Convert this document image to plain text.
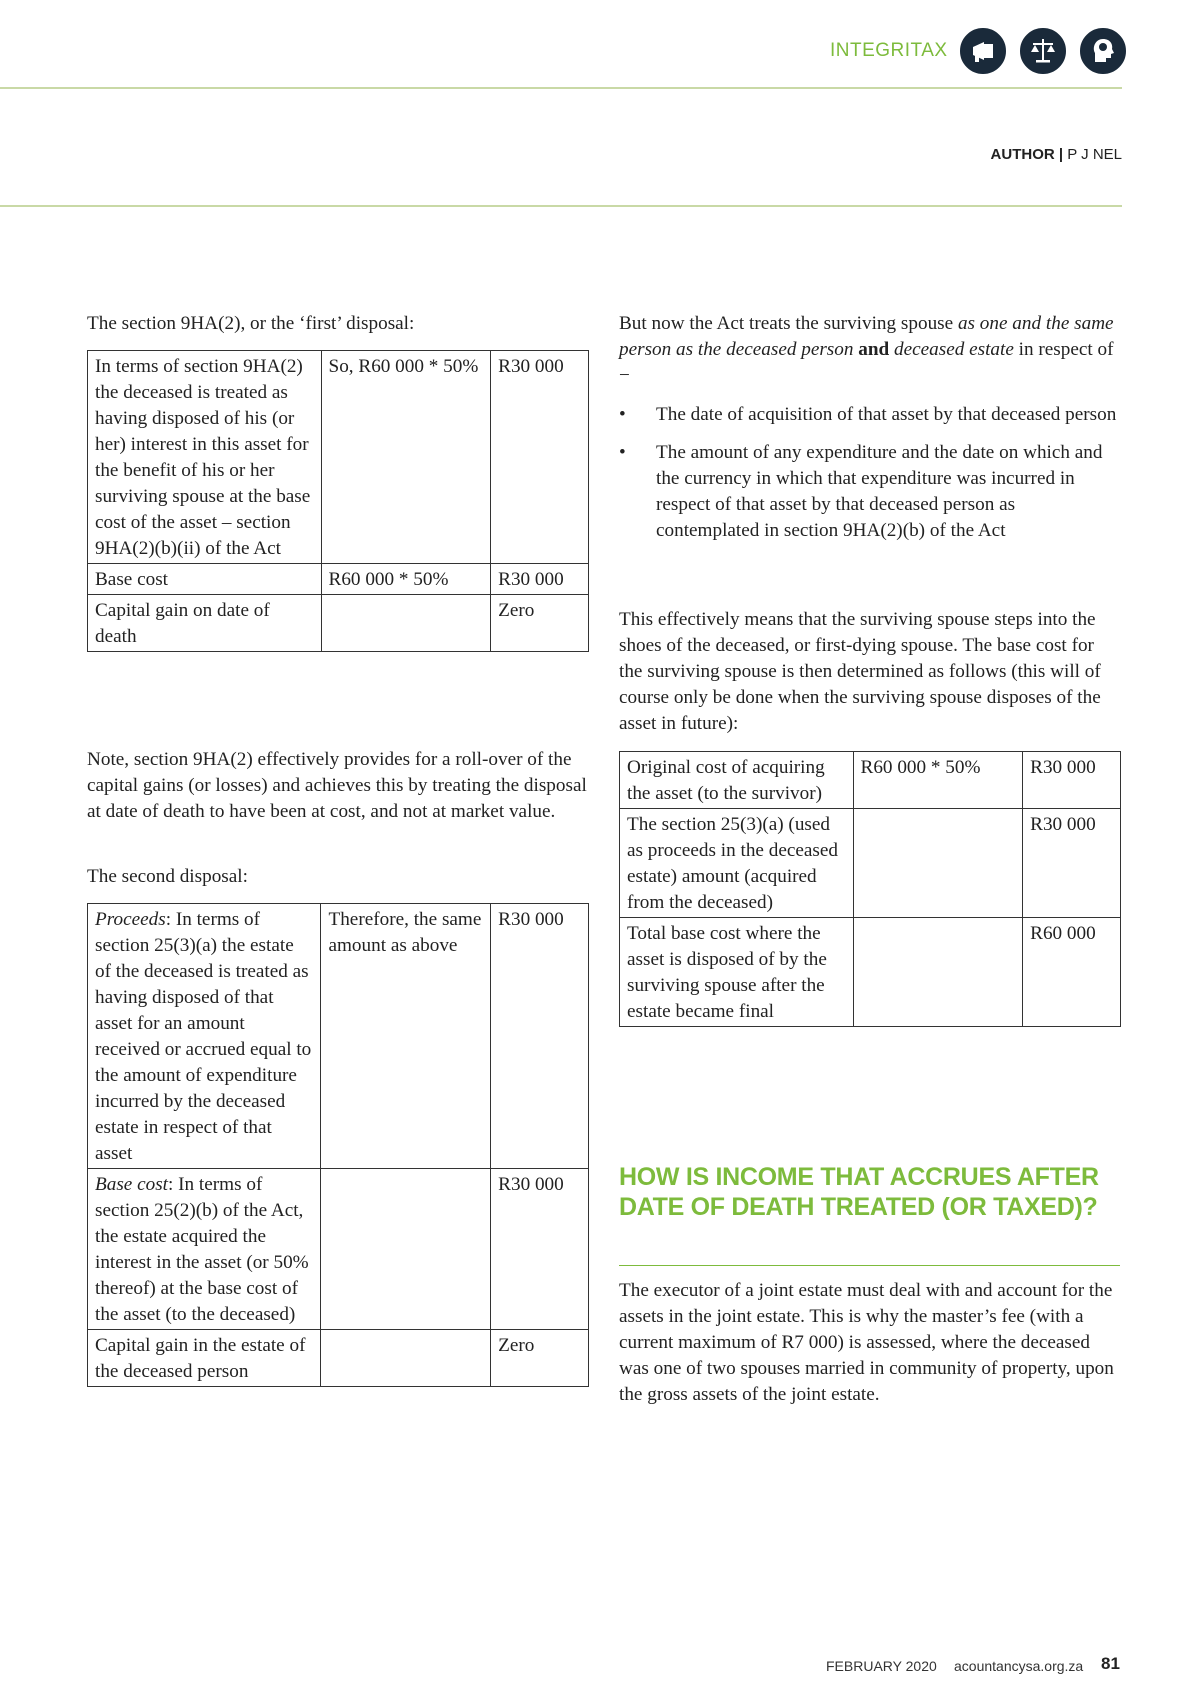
INTEGRITAX
AUTHOR | P J NEL
The section 9HA(2), or the ‘first’ disposal:
In terms of section 9HA(2) the deceased is treated as having disposed of his (or her) interest in this asset for the benefit of his or her surviving spouse at the base cost of the asset – section 9HA(2)(b)(ii) of the Act	So, R60 000 * 50%	R30 000
Base cost	R60 000 * 50%	R30 000
Capital gain on date of death		Zero
Note, section 9HA(2) effectively provides for a roll-over of the capital gains (or losses) and achieves this by treating the disposal at date of death to have been at cost, and not at market value.
The second disposal:
Proceeds: In terms of section 25(3)(a) the estate of the deceased is treated as having disposed of that asset for an amount received or accrued equal to the amount of expenditure incurred by the deceased estate in respect of that asset	Therefore, the same amount as above	R30 000
Base cost: In terms of section 25(2)(b) of the Act, the estate acquired the interest in the asset (or 50% thereof) at the base cost of the asset (to the deceased)		R30 000
Capital gain in the estate of the deceased person		Zero
But now the Act treats the surviving spouse as one and the same person as the deceased person and deceased estate in respect of −
• The date of acquisition of that asset by that deceased person
• The amount of any expenditure and the date on which and the currency in which that expenditure was incurred in respect of that asset by that deceased person as contemplated in section 9HA(2)(b) of the Act
This effectively means that the surviving spouse steps into the shoes of the deceased, or first-dying spouse. The base cost for the surviving spouse is then determined as follows (this will of course only be done when the surviving spouse disposes of the asset in future):
Original cost of acquiring the asset (to the survivor)	R60 000 * 50%	R30 000
The section 25(3)(a) (used as proceeds in the deceased estate) amount (acquired from the deceased)		R30 000
Total base cost where the asset is disposed of by the surviving spouse after the estate became final		R60 000
HOW IS INCOME THAT ACCRUES AFTER DATE OF DEATH TREATED (OR TAXED)?
The executor of a joint estate must deal with and account for the assets in the joint estate. This is why the master’s fee (with a current maximum of R7 000) is assessed, where the deceased was one of two spouses married in community of property, upon the gross assets of the joint estate.
FEBRUARY 2020 acountancysa.org.za 81
